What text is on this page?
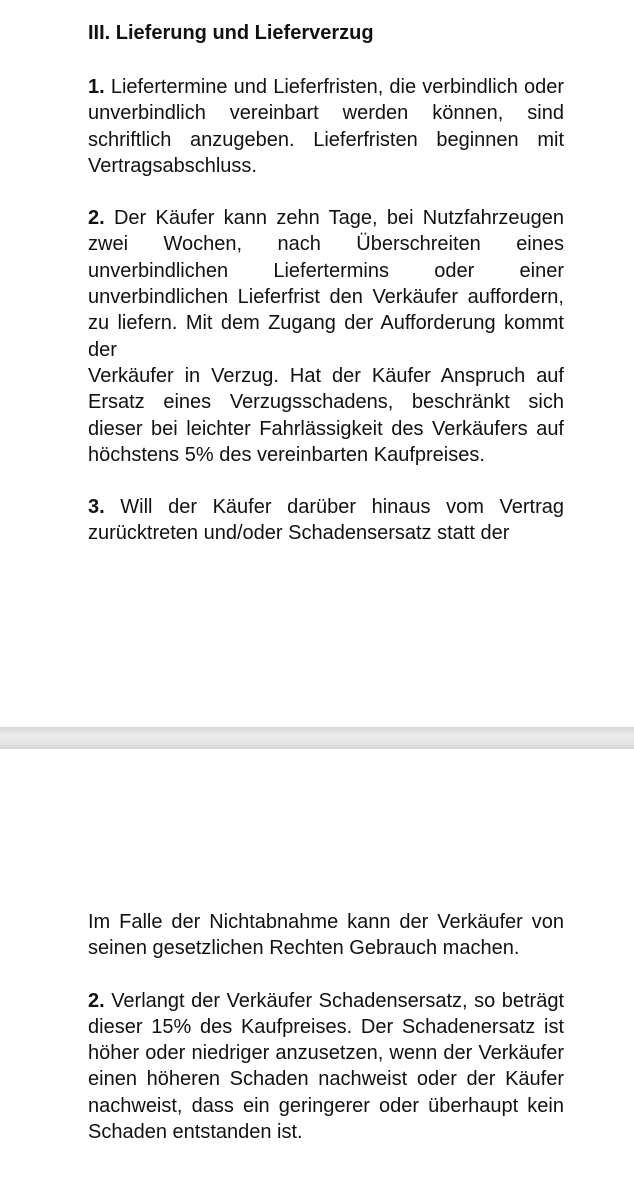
III. Lieferung und Lieferverzug

1. Liefertermine und Lieferfristen, die verbindlich oder unverbindlich vereinbart werden können, sind schriftlich anzugeben. Lieferfristen beginnen mit Vertragsabschluss.

2. Der Käufer kann zehn Tage, bei Nutzfahrzeugen zwei Wochen, nach Überschreiten eines unverbindlichen Liefertermins oder einer unverbindlichen Lieferfrist den Verkäufer auffordern, zu liefern. Mit dem Zugang der Aufforderung kommt der

Verkäufer in Verzug. Hat der Käufer Anspruch auf Ersatz eines Verzugsschadens, beschränkt sich dieser bei leichter Fahrlässigkeit des Verkäufers auf höchstens 5% des vereinbarten Kaufpreises.

3. Will der Käufer darüber hinaus vom Vertrag zurücktreten und/oder Schadensersatz statt der

Im Falle der Nichtabnahme kann der Verkäufer von seinen gesetzlichen Rechten Gebrauch machen.

2. Verlangt der Verkäufer Schadensersatz, so beträgt dieser 15% des Kaufpreises. Der Schadenersatz ist höher oder niedriger anzusetzen, wenn der Verkäufer einen höheren Schaden nachweist oder der Käufer nachweist, dass ein geringerer oder überhaupt kein Schaden entstanden ist.
